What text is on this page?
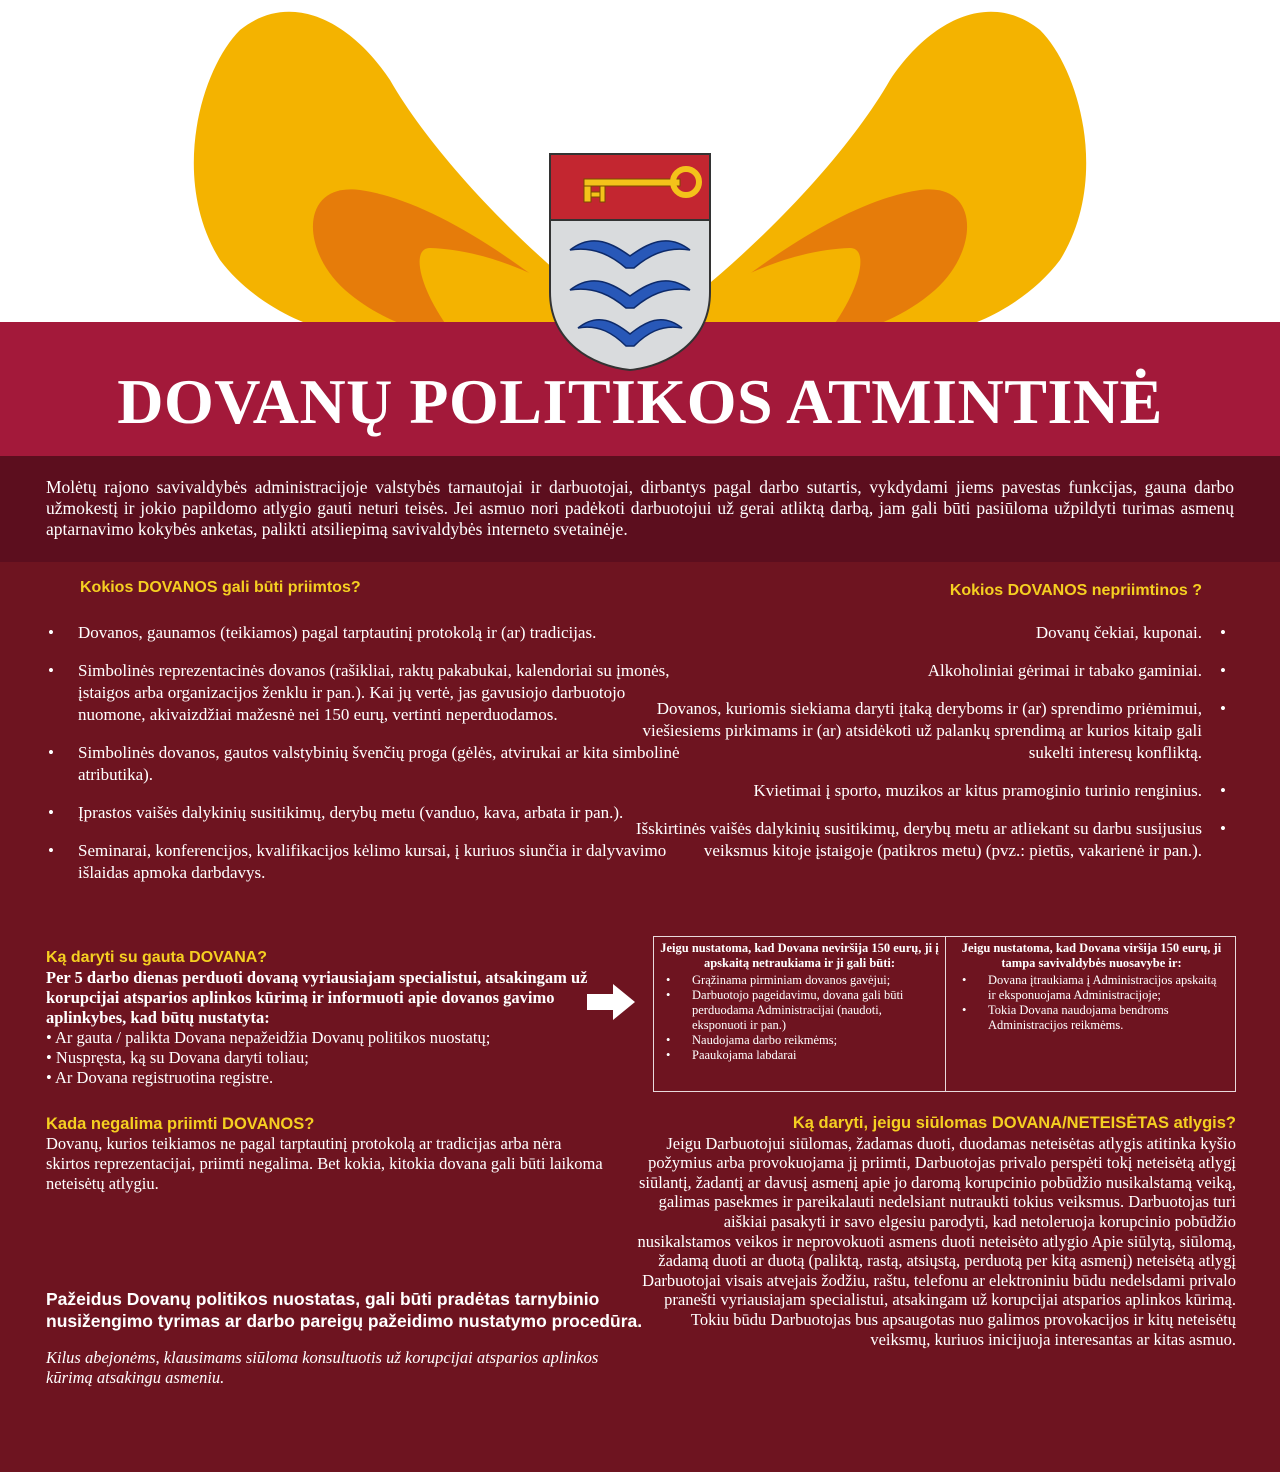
DOVANŲ POLITIKOS ATMINTINĖ
Molėtų rajono savivaldybės administracijoje valstybės tarnautojai ir darbuotojai, dirbantys pagal darbo sutartis, vykdydami jiems pavestas funkcijas, gauna darbo užmokestį ir jokio papildomo atlygio gauti neturi teisės. Jei asmuo nori padėkoti darbuotojui už gerai atliktą darbą, jam gali būti pasiūloma užpildyti turimas asmenų aptarnavimo kokybės anketas, palikti atsiliepimą savivaldybės interneto svetainėje.
Kokios DOVANOS gali būti priimtos?
• Dovanos, gaunamos (teikiamos) pagal tarptautinį protokolą ir (ar) tradicijas.
• Simbolinės reprezentacinės dovanos (rašikliai, raktų pakabukai, kalendoriai su įmonės, įstaigos arba organizacijos ženklu ir pan.). Kai jų vertė, jas gavusiojo darbuotojo nuomone, akivaizdžiai mažesnė nei 150 eurų, vertinti neperduodamos.
• Simbolinės dovanos, gautos valstybinių švenčių proga (gėlės, atvirukai ar kita simbolinė atributika).
• Įprastos vaišės dalykinių susitikimų, derybų metu (vanduo, kava, arbata ir pan.).
• Seminarai, konferencijos, kvalifikacijos kėlimo kursai, į kuriuos siunčia ir dalyvavimo išlaidas apmoka darbdavys.
Kokios DOVANOS nepriimtinos ?
Dovanų čekiai, kuponai. •
Alkoholiniai gėrimai ir tabako gaminiai. •
Dovanos, kuriomis siekiama daryti įtaką deryboms ir (ar) sprendimo priėmimui, viešiesiems pirkimams ir (ar) atsidėkoti už palankų sprendimą ar kurios kitaip gali sukelti interesų konfliktą. •
Kvietimai į sporto, muzikos ar kitus pramoginio turinio renginius. •
Išskirtinės vaišės dalykinių susitikimų, derybų metu ar atliekant su darbu susijusius veiksmus kitoje įstaigoje (patikros metu) (pvz.: pietūs, vakarienė ir pan.). •
Ką daryti su gauta DOVANA?
Per 5 darbo dienas perduoti dovaną vyriausiajam specialistui, atsakingam už korupcijai atsparios aplinkos kūrimą ir informuoti apie dovanos gavimo aplinkybes, kad būtų nustatyta:
• Ar gauta / palikta Dovana nepažeidžia Dovanų politikos nuostatų;
• Nuspręsta, ką su Dovana daryti toliau;
• Ar Dovana registruotina registre.
Jeigu nustatoma, kad Dovana neviršija 150 eurų, ji į apskaitą netraukiama ir ji gali būti:
• Grąžinama pirminiam dovanos gavėjui;
• Darbuotojo pageidavimu, dovana gali būti perduodama Administracijai (naudoti, eksponuoti ir pan.)
• Naudojama darbo reikmėms;
• Paaukojama labdarai
Jeigu nustatoma, kad Dovana viršija 150 eurų, ji tampa savivaldybės nuosavybe ir:
• Dovana įtraukiama į Administracijos apskaitą ir eksponuojama Administracijoje;
• Tokia Dovana naudojama bendroms Administracijos reikmėms.
Kada negalima priimti DOVANOS?
Dovanų, kurios teikiamos ne pagal tarptautinį protokolą ar tradicijas arba nėra skirtos reprezentacijai, priimti negalima. Bet kokia, kitokia dovana gali būti laikoma neteisėtų atlygiu.
Pažeidus Dovanų politikos nuostatas, gali būti pradėtas tarnybinio nusižengimo tyrimas ar darbo pareigų pažeidimo nustatymo procedūra.
Kilus abejonėms, klausimams siūloma konsultuotis už korupcijai atsparios aplinkos kūrimą atsakingu asmeniu.
Ką daryti, jeigu siūlomas DOVANA/NETEISĖTAS atlygis?
Jeigu Darbuotojui siūlomas, žadamas duoti, duodamas neteisėtas atlygis atitinka kyšio požymius arba provokuojama jį priimti, Darbuotojas privalo perspėti tokį neteisėtą atlygį siūlantį, žadantį ar davusį asmenį apie jo daromą korupcinio pobūdžio nusikalstamą veiką, galimas pasekmes ir pareikalauti nedelsiant nutraukti tokius veiksmus. Darbuotojas turi aiškiai pasakyti ir savo elgesiu parodyti, kad netoleruoja korupcinio pobūdžio nusikalstamos veikos ir neprovokuoti asmens duoti neteisėto atlygio Apie siūlytą, siūlomą, žadamą duoti ar duotą (paliktą, rastą, atsiųstą, perduotą per kitą asmenį) neteisėtą atlygį Darbuotojai visais atvejais žodžiu, raštu, telefonu ar elektroniniu būdu nedelsdami privalo pranešti vyriausiajam specialistui, atsakingam už korupcijai atsparios aplinkos kūrimą. Tokiu būdu Darbuotojas bus apsaugotas nuo galimos provokacijos ir kitų neteisėtų veiksmų, kuriuos inicijuoja interesantas ar kitas asmuo.
